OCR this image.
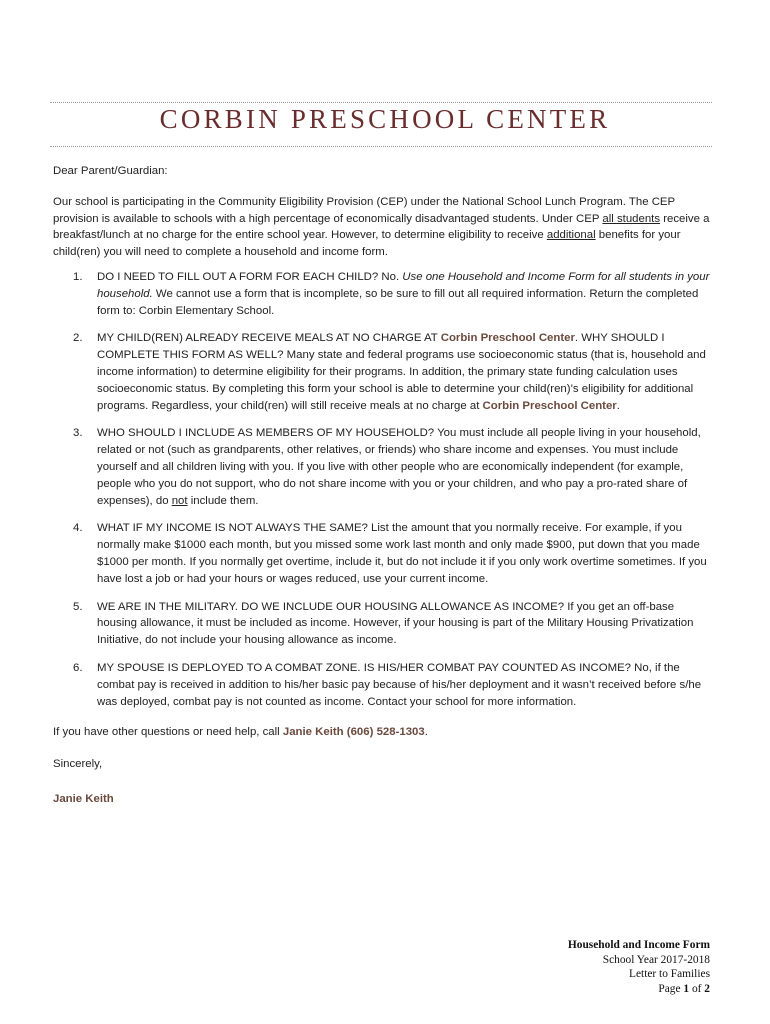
CORBIN PRESCHOOL CENTER

Dear Parent/Guardian:

Our school is participating in the Community Eligibility Provision (CEP) under the National School Lunch Program. The CEP provision is available to schools with a high percentage of economically disadvantaged students. Under CEP all students receive a breakfast/lunch at no charge for the entire school year. However, to determine eligibility to receive additional benefits for your child(ren) you will need to complete a household and income form.

1. DO I NEED TO FILL OUT A FORM FOR EACH CHILD? No. Use one Household and Income Form for all students in your household. We cannot use a form that is incomplete, so be sure to fill out all required information. Return the completed form to: Corbin Elementary School.
2. MY CHILD(REN) ALREADY RECEIVE MEALS AT NO CHARGE AT Corbin Preschool Center. WHY SHOULD I COMPLETE THIS FORM AS WELL? Many state and federal programs use socioeconomic status (that is, household and income information) to determine eligibility for their programs. In addition, the primary state funding calculation uses socioeconomic status. By completing this form your school is able to determine your child(ren)’s eligibility for additional programs. Regardless, your child(ren) will still receive meals at no charge at Corbin Preschool Center.
3. WHO SHOULD I INCLUDE AS MEMBERS OF MY HOUSEHOLD? You must include all people living in your household, related or not (such as grandparents, other relatives, or friends) who share income and expenses. You must include yourself and all children living with you. If you live with other people who are economically independent (for example, people who you do not support, who do not share income with you or your children, and who pay a pro-rated share of expenses), do not include them.
4. WHAT IF MY INCOME IS NOT ALWAYS THE SAME? List the amount that you normally receive. For example, if you normally make $1000 each month, but you missed some work last month and only made $900, put down that you made $1000 per month. If you normally get overtime, include it, but do not include it if you only work overtime sometimes. If you have lost a job or had your hours or wages reduced, use your current income.
5. WE ARE IN THE MILITARY. DO WE INCLUDE OUR HOUSING ALLOWANCE AS INCOME? If you get an off-base housing allowance, it must be included as income. However, if your housing is part of the Military Housing Privatization Initiative, do not include your housing allowance as income.
6. MY SPOUSE IS DEPLOYED TO A COMBAT ZONE. IS HIS/HER COMBAT PAY COUNTED AS INCOME? No, if the combat pay is received in addition to his/her basic pay because of his/her deployment and it wasn’t received before s/he was deployed, combat pay is not counted as income. Contact your school for more information.

If you have other questions or need help, call Janie Keith (606) 528-1303.

Sincerely,

Janie Keith

Household and Income Form
School Year 2017-2018
Letter to Families
Page 1 of 2
